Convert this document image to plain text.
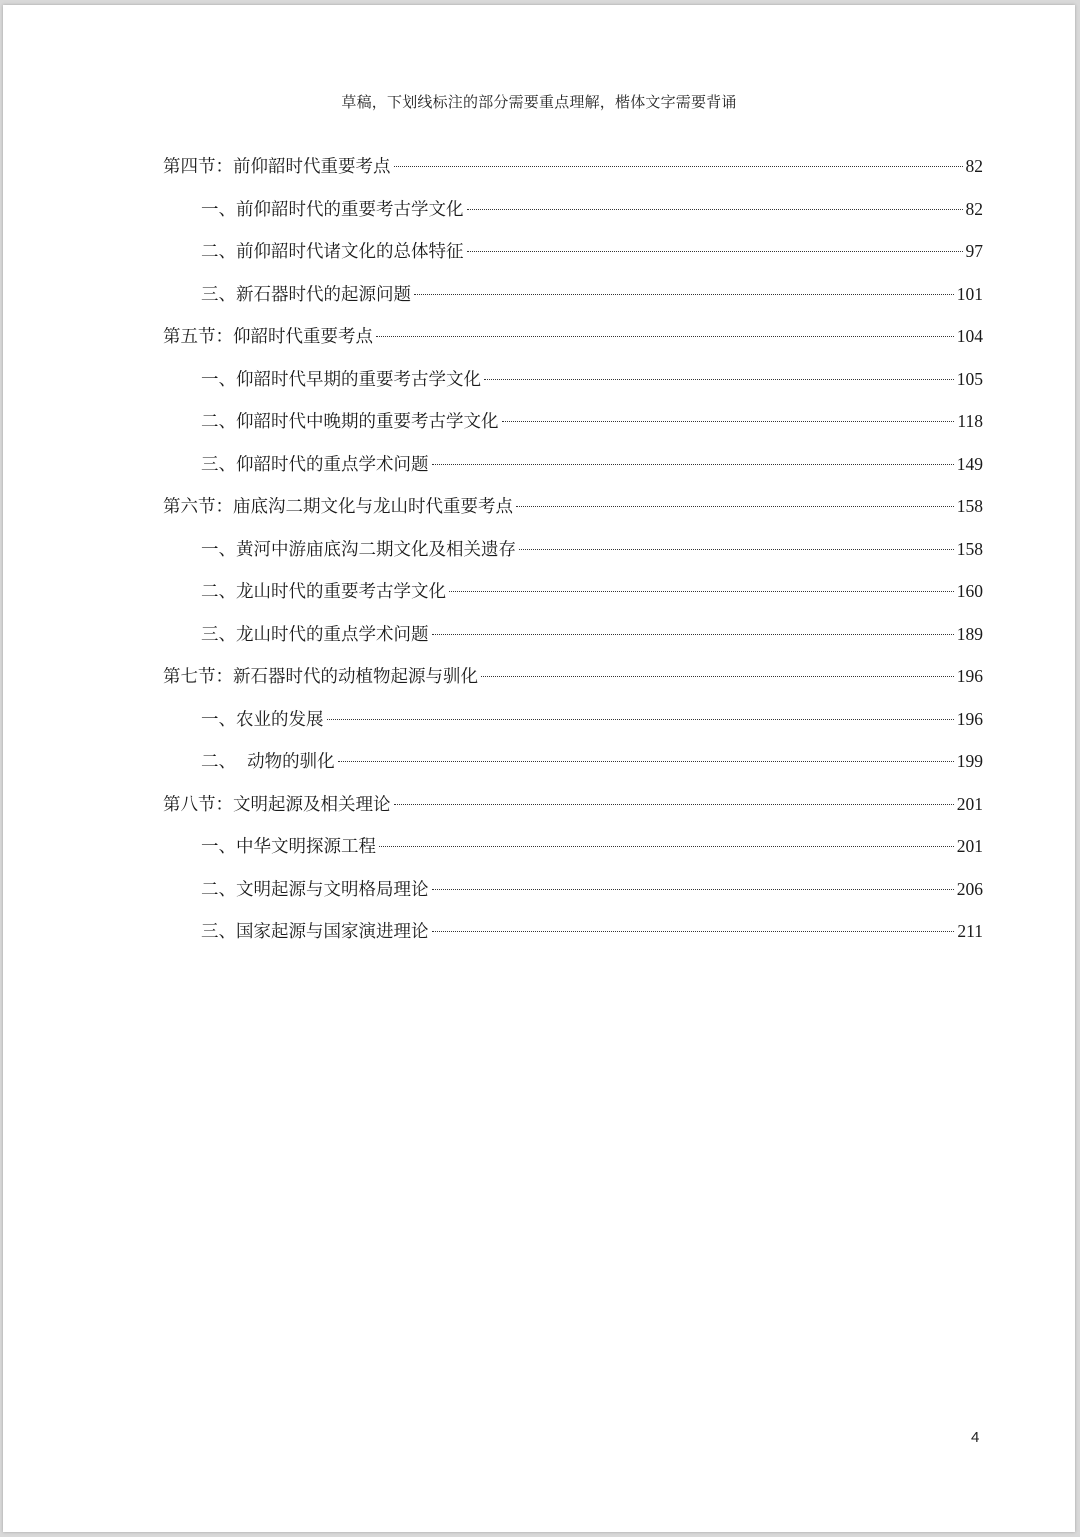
草稿，下划线标注的部分需要重点理解，楷体文字需要背诵
第四节：前仰韶时代重要考点	82
一、前仰韶时代的重要考古学文化	82
二、前仰韶时代诸文化的总体特征	97
三、新石器时代的起源问题	101
第五节：仰韶时代重要考点	104
一、仰韶时代早期的重要考古学文化	105
二、仰韶时代中晚期的重要考古学文化	118
三、仰韶时代的重点学术问题	149
第六节：庙底沟二期文化与龙山时代重要考点	158
一、黄河中游庙底沟二期文化及相关遗存	158
二、龙山时代的重要考古学文化	160
三、龙山时代的重点学术问题	189
第七节：新石器时代的动植物起源与驯化	196
一、农业的发展	196
二、  动物的驯化	199
第八节：文明起源及相关理论	201
一、中华文明探源工程	201
二、文明起源与文明格局理论	206
三、国家起源与国家演进理论	211
4
